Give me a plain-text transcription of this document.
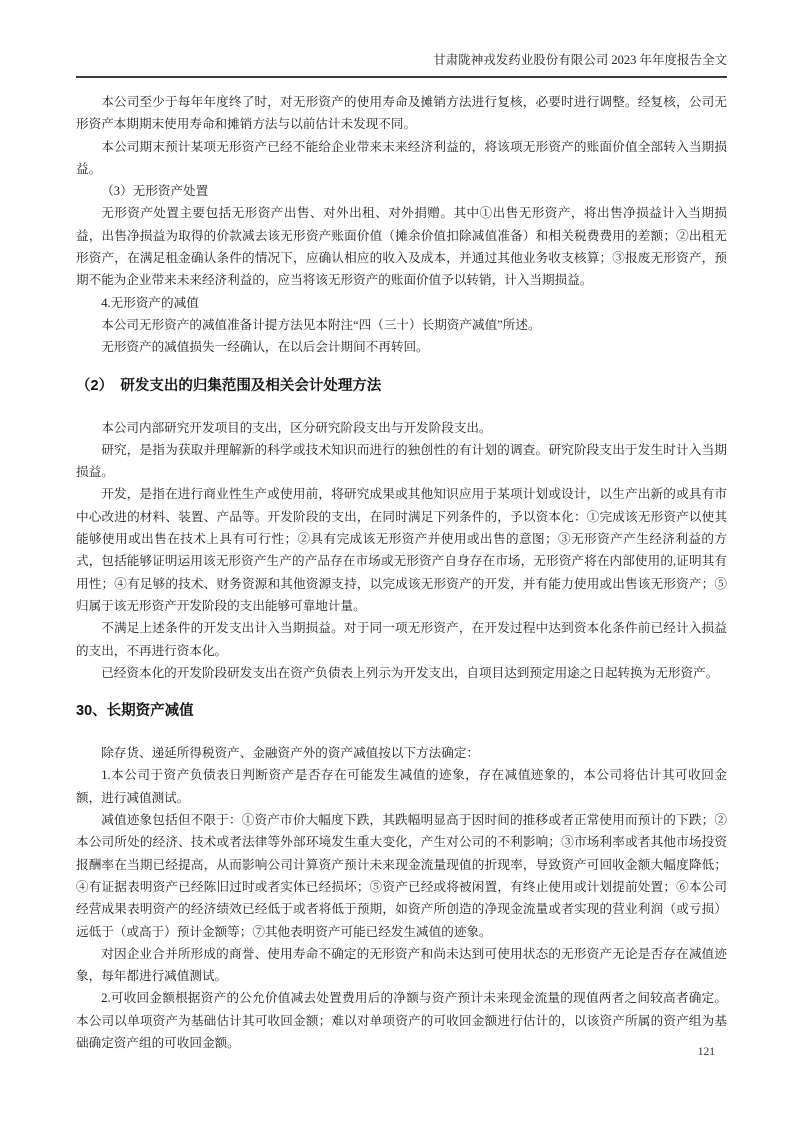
甘肃陇神戎发药业股份有限公司 2023 年年度报告全文

本公司至少于每年年度终了时，对无形资产的使用寿命及摊销方法进行复核，必要时进行调整。经复核，公司无形资产本期期末使用寿命和摊销方法与以前估计未发现不同。

本公司期末预计某项无形资产已经不能给企业带来未来经济利益的，将该项无形资产的账面价值全部转入当期损益。

（3）无形资产处置

无形资产处置主要包括无形资产出售、对外出租、对外捐赠。其中①出售无形资产，将出售净损益计入当期损益，出售净损益为取得的价款减去该无形资产账面价值（摊余价值扣除减值准备）和相关税费费用的差额；②出租无形资产，在满足租金确认条件的情况下，应确认相应的收入及成本，并通过其他业务收支核算；③报废无形资产，预期不能为企业带来未来经济利益的，应当将该无形资产的账面价值予以转销，计入当期损益。

4.无形资产的减值

本公司无形资产的减值准备计提方法见本附注“四（三十）长期资产减值”所述。

无形资产的减值损失一经确认，在以后会计期间不再转回。

（2）　研发支出的归集范围及相关会计处理方法

本公司内部研究开发项目的支出，区分研究阶段支出与开发阶段支出。

研究，是指为获取并理解新的科学或技术知识而进行的独创性的有计划的调查。研究阶段支出于发生时计入当期损益。

开发，是指在进行商业性生产或使用前，将研究成果或其他知识应用于某项计划或设计，以生产出新的或具有市中心改进的材料、装置、产品等。开发阶段的支出，在同时满足下列条件的，予以资本化：①完成该无形资产以使其能够使用或出售在技术上具有可行性；②具有完成该无形资产并使用或出售的意图；③无形资产产生经济利益的方式，包括能够证明运用该无形资产生产的产品存在市场或无形资产自身存在市场，无形资产将在内部使用的,证明其有用性；④有足够的技术、财务资源和其他资源支持，以完成该无形资产的开发，并有能力使用或出售该无形资产；⑤归属于该无形资产开发阶段的支出能够可靠地计量。

不满足上述条件的开发支出计入当期损益。对于同一项无形资产，在开发过程中达到资本化条件前已经计入损益的支出，不再进行资本化。

已经资本化的开发阶段研发支出在资产负债表上列示为开发支出，自项目达到预定用途之日起转换为无形资产。

30、长期资产减值

除存货、递延所得税资产、金融资产外的资产减值按以下方法确定：

1.本公司于资产负债表日判断资产是否存在可能发生减值的迹象，存在减值迹象的，本公司将估计其可收回金额，进行减值测试。

减值迹象包括但不限于：①资产市价大幅度下跌，其跌幅明显高于因时间的推移或者正常使用而预计的下跌；②本公司所处的经济、技术或者法律等外部环境发生重大变化，产生对公司的不利影响；③市场利率或者其他市场投资报酬率在当期已经提高，从而影响公司计算资产预计未来现金流量现值的折现率，导致资产可回收金额大幅度降低；④有证据表明资产已经陈旧过时或者实体已经损坏；⑤资产已经或将被闲置，有终止使用或计划提前处置；⑥本公司经营成果表明资产的经济绩效已经低于或者将低于预期，如资产所创造的净现金流量或者实现的营业利润（或亏损）远低于（或高于）预计金额等；⑦其他表明资产可能已经发生减值的迹象。

对因企业合并所形成的商誉、使用寿命不确定的无形资产和尚未达到可使用状态的无形资产无论是否存在减值迹象，每年都进行减值测试。

2.可收回金额根据资产的公允价值减去处置费用后的净额与资产预计未来现金流量的现值两者之间较高者确定。本公司以单项资产为基础估计其可收回金额；难以对单项资产的可收回金额进行估计的，以该资产所属的资产组为基础确定资产组的可收回金额。

121
